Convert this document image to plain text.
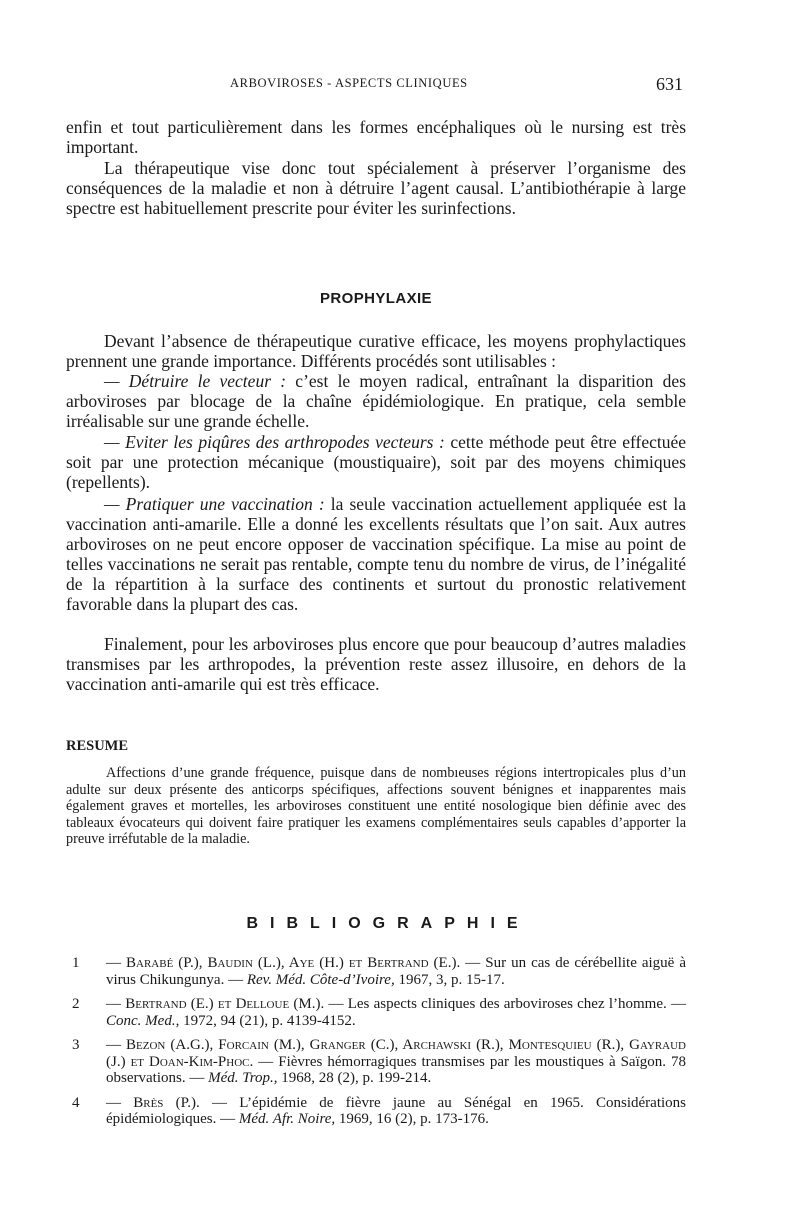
ARBOVIROSES - ASPECTS CLINIQUES	631

enfin et tout particulièrement dans les formes encéphaliques où le nursing est très important.

La thérapeutique vise donc tout spécialement à préserver l’organisme des conséquences de la maladie et non à détruire l’agent causal. L’antibiothérapie à large spectre est habituellement prescrite pour éviter les surinfections.

PROPHYLAXIE

Devant l’absence de thérapeutique curative efficace, les moyens prophylactiques prennent une grande importance. Différents procédés sont utilisables :

— Détruire le vecteur : c’est le moyen radical, entraînant la disparition des arboviroses par blocage de la chaîne épidémiologique. En pratique, cela semble irréalisable sur une grande échelle.

— Eviter les piqûres des arthropodes vecteurs : cette méthode peut être effectuée soit par une protection mécanique (moustiquaire), soit par des moyens chimiques (repellents).

— Pratiquer une vaccination : la seule vaccination actuellement appliquée est la vaccination anti-amarile. Elle a donné les excellents résultats que l’on sait. Aux autres arboviroses on ne peut encore opposer de vaccination spécifique. La mise au point de telles vaccinations ne serait pas rentable, compte tenu du nombre de virus, de l’inégalité de la répartition à la surface des continents et surtout du pronostic relativement favorable dans la plupart des cas.

Finalement, pour les arboviroses plus encore que pour beaucoup d’autres maladies transmises par les arthropodes, la prévention reste assez illusoire, en dehors de la vaccination anti-amarile qui est très efficace.

RESUME

Affections d’une grande fréquence, puisque dans de nombıeuses régions intertropicales plus d’un adulte sur deux présente des anticorps spécifiques, affections souvent bénignes et inapparentes mais également graves et mortelles, les arboviroses constituent une entité nosologique bien définie avec des tableaux évocateurs qui doivent faire pratiquer les examens complémentaires seuls capables d’apporter la preuve irréfutable de la maladie.

BIBLIOGRAPHIE
1 — Barabé (P.), Baudin (L.), Aye (H.) et Bertrand (E.). — Sur un cas de cérébellite aiguë à virus Chikungunya. — Rev. Méd. Côte-d’Ivoire, 1967, 3, p. 15-17.
2 — Bertrand (E.) et Delloue (M.). — Les aspects cliniques des arboviroses chez l’homme. — Conc. Med., 1972, 94 (21), p. 4139-4152.
3 — Bezon (A.G.), Forcain (M.), Granger (C.), Archawski (R.), Montesquieu (R.), Gayraud (J.) et Doan-Kim-Phoc. — Fièvres hémorragiques transmises par les moustiques à Saïgon. 78 observations. — Méd. Trop., 1968, 28 (2), p. 199-214.
4 — Brès (P.). — L’épidémie de fièvre jaune au Sénégal en 1965. Considérations épidémiologiques. — Méd. Afr. Noire, 1969, 16 (2), p. 173-176.
